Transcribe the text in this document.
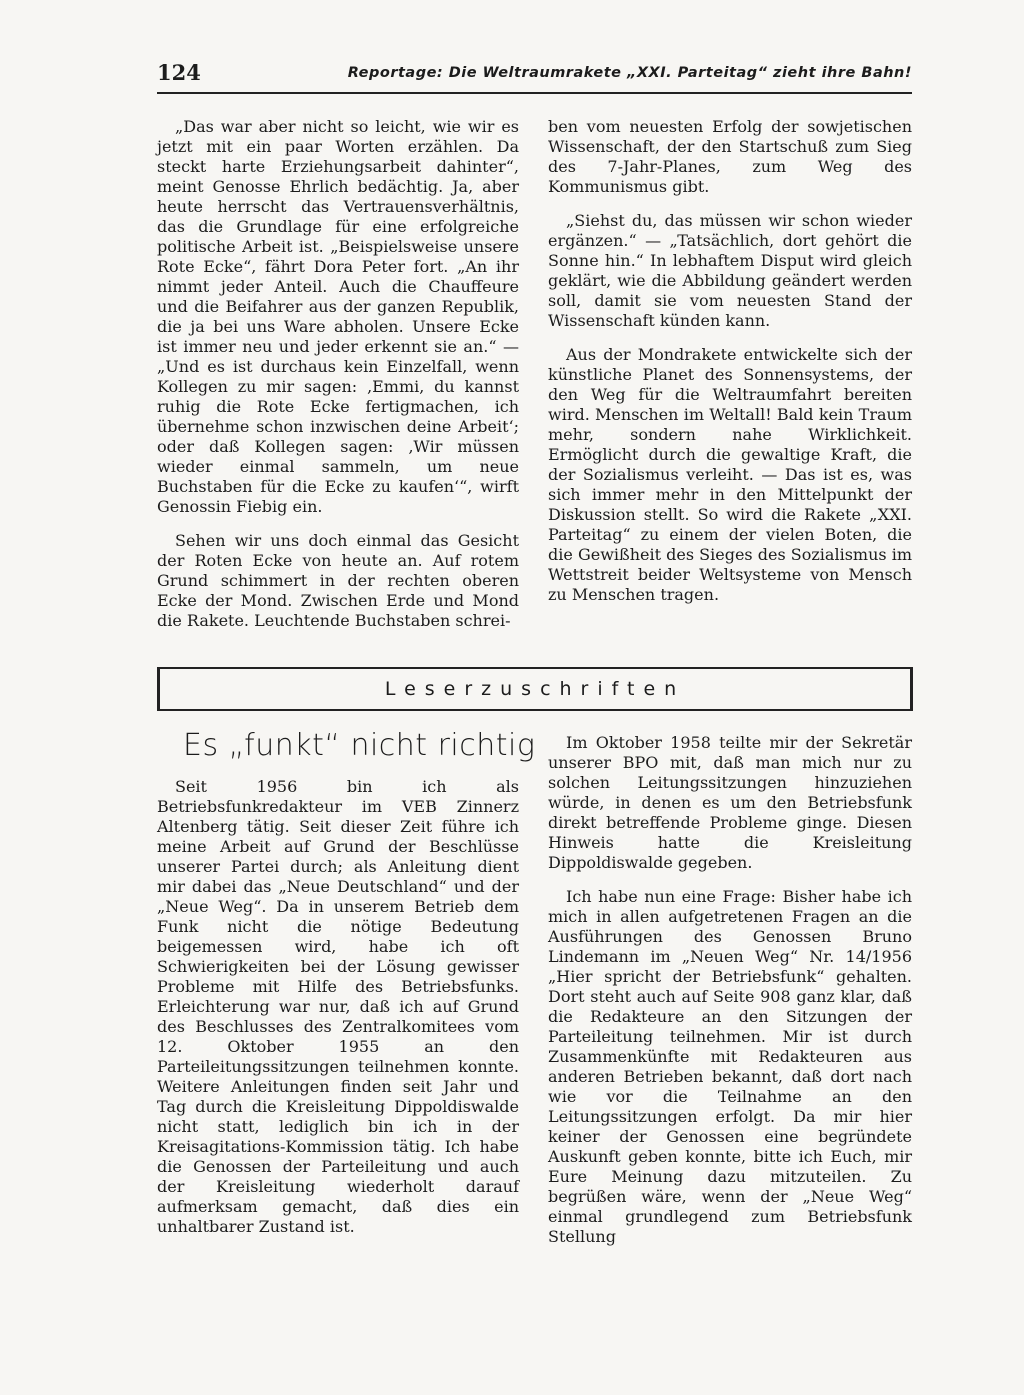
124	Reportage: Die Weltraumrakete „XXI. Parteitag“ zieht ihre Bahn!

„Das war aber nicht so leicht, wie wir es jetzt mit ein paar Worten erzählen. Da steckt harte Erziehungsarbeit dahinter“, meint Genosse Ehrlich bedächtig. Ja, aber heute herrscht das Vertrauensverhältnis, das die Grundlage für eine erfolgreiche politische Arbeit ist. „Beispielsweise unsere Rote Ecke“, fährt Dora Peter fort. „An ihr nimmt jeder Anteil. Auch die Chauffeure und die Beifahrer aus der ganzen Republik, die ja bei uns Ware abholen. Unsere Ecke ist immer neu und jeder erkennt sie an.“ — „Und es ist durchaus kein Einzelfall, wenn Kollegen zu mir sagen: ‚Emmi, du kannst ruhig die Rote Ecke fertigmachen, ich übernehme schon inzwischen deine Arbeit‘; oder daß Kollegen sagen: ‚Wir müssen wieder einmal sammeln, um neue Buchstaben für die Ecke zu kaufen‘“, wirft Genossin Fiebig ein.

Sehen wir uns doch einmal das Gesicht der Roten Ecke von heute an. Auf rotem Grund schimmert in der rechten oberen Ecke der Mond. Zwischen Erde und Mond die Rakete. Leuchtende Buchstaben schrei-

ben vom neuesten Erfolg der sowjetischen Wissenschaft, der den Startschuß zum Sieg des 7-Jahr-Planes, zum Weg des Kommunismus gibt.

„Siehst du, das müssen wir schon wieder ergänzen.“ — „Tatsächlich, dort gehört die Sonne hin.“ In lebhaftem Disput wird gleich geklärt, wie die Abbildung geändert werden soll, damit sie vom neuesten Stand der Wissenschaft künden kann.

Aus der Mondrakete entwickelte sich der künstliche Planet des Sonnensystems, der den Weg für die Weltraumfahrt bereiten wird. Menschen im Weltall! Bald kein Traum mehr, sondern nahe Wirklichkeit. Ermöglicht durch die gewaltige Kraft, die der Sozialismus verleiht. — Das ist es, was sich immer mehr in den Mittelpunkt der Diskussion stellt. So wird die Rakete „XXI. Parteitag“ zu einem der vielen Boten, die die Gewißheit des Sieges des Sozialismus im Wettstreit beider Weltsysteme von Mensch zu Menschen tragen.

Leserzuschriften
Es „funkt“ nicht richtig

Seit 1956 bin ich als Betriebsfunkredakteur im VEB Zinnerz Altenberg tätig. Seit dieser Zeit führe ich meine Arbeit auf Grund der Beschlüsse unserer Partei durch; als Anleitung dient mir dabei das „Neue Deutschland“ und der „Neue Weg“. Da in unserem Betrieb dem Funk nicht die nötige Bedeutung beigemessen wird, habe ich oft Schwierigkeiten bei der Lösung gewisser Probleme mit Hilfe des Betriebsfunks. Erleichterung war nur, daß ich auf Grund des Beschlusses des Zentralkomitees vom 12. Oktober 1955 an den Parteileitungssitzungen teilnehmen konnte. Weitere Anleitungen finden seit Jahr und Tag durch die Kreisleitung Dippoldiswalde nicht statt, lediglich bin ich in der Kreisagitations-Kommission tätig. Ich habe die Genossen der Parteileitung und auch der Kreisleitung wiederholt darauf aufmerksam gemacht, daß dies ein unhaltbarer Zustand ist.

Im Oktober 1958 teilte mir der Sekretär unserer BPO mit, daß man mich nur zu solchen Leitungssitzungen hinzuziehen würde, in denen es um den Betriebsfunk direkt betreffende Probleme ginge. Diesen Hinweis hatte die Kreisleitung Dippoldiswalde gegeben.

Ich habe nun eine Frage: Bisher habe ich mich in allen aufgetretenen Fragen an die Ausführungen des Genossen Bruno Lindemann im „Neuen Weg“ Nr. 14/1956 „Hier spricht der Betriebsfunk“ gehalten. Dort steht auch auf Seite 908 ganz klar, daß die Redakteure an den Sitzungen der Parteileitung teilnehmen. Mir ist durch Zusammenkünfte mit Redakteuren aus anderen Betrieben bekannt, daß dort nach wie vor die Teilnahme an den Leitungssitzungen erfolgt. Da mir hier keiner der Genossen eine begründete Auskunft geben konnte, bitte ich Euch, mir Eure Meinung dazu mitzuteilen. Zu begrüßen wäre, wenn der „Neue Weg“ einmal grundlegend zum Betriebsfunk Stellung
